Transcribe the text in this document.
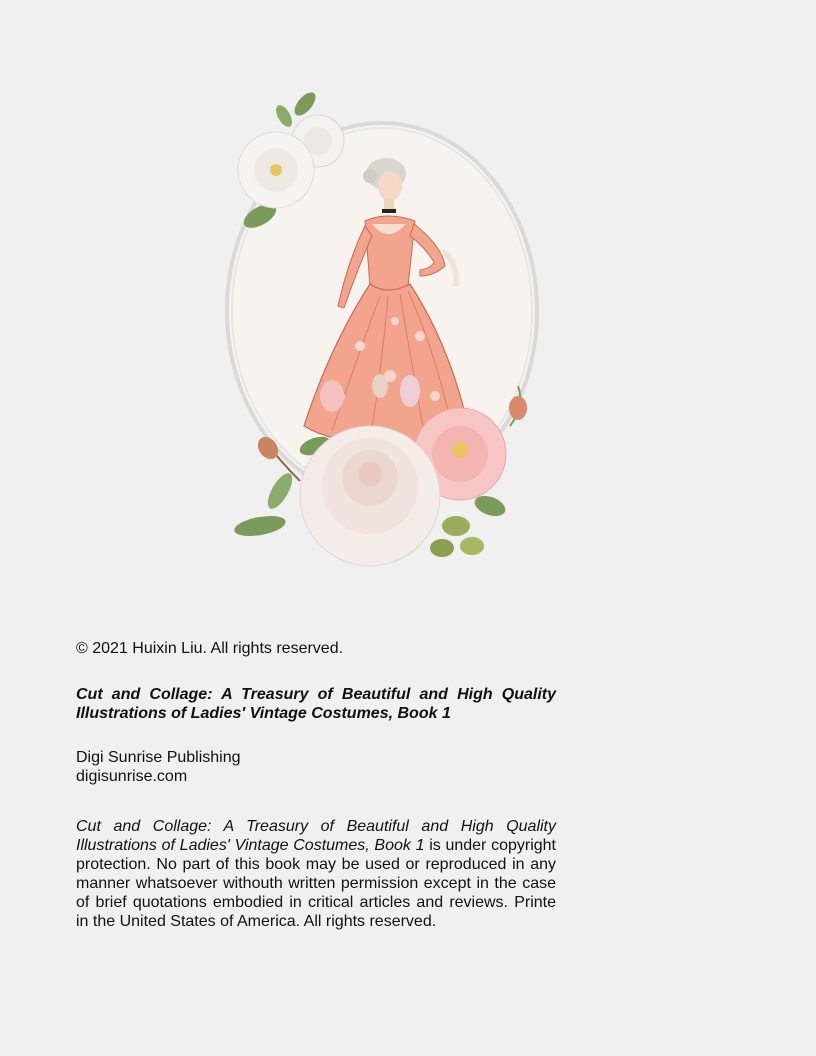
© 2021 Huixin Liu. All rights reserved.
Cut and Collage: A Treasury of Beautiful and High Quality
Illustrations of Ladies' Vintage Costumes, Book 1
Digi Sunrise Publishing
digisunrise.com
Cut and Collage: A Treasury of Beautiful and High Quality
Illustrations of Ladies' Vintage Costumes, Book 1 is under copyright
protection. No part of this book may be used or reproduced in any
manner whatsoever withouth written permission except in the case
of brief quotations embodied in critical articles and reviews. Printe
in the United States of America. All rights reserved.
